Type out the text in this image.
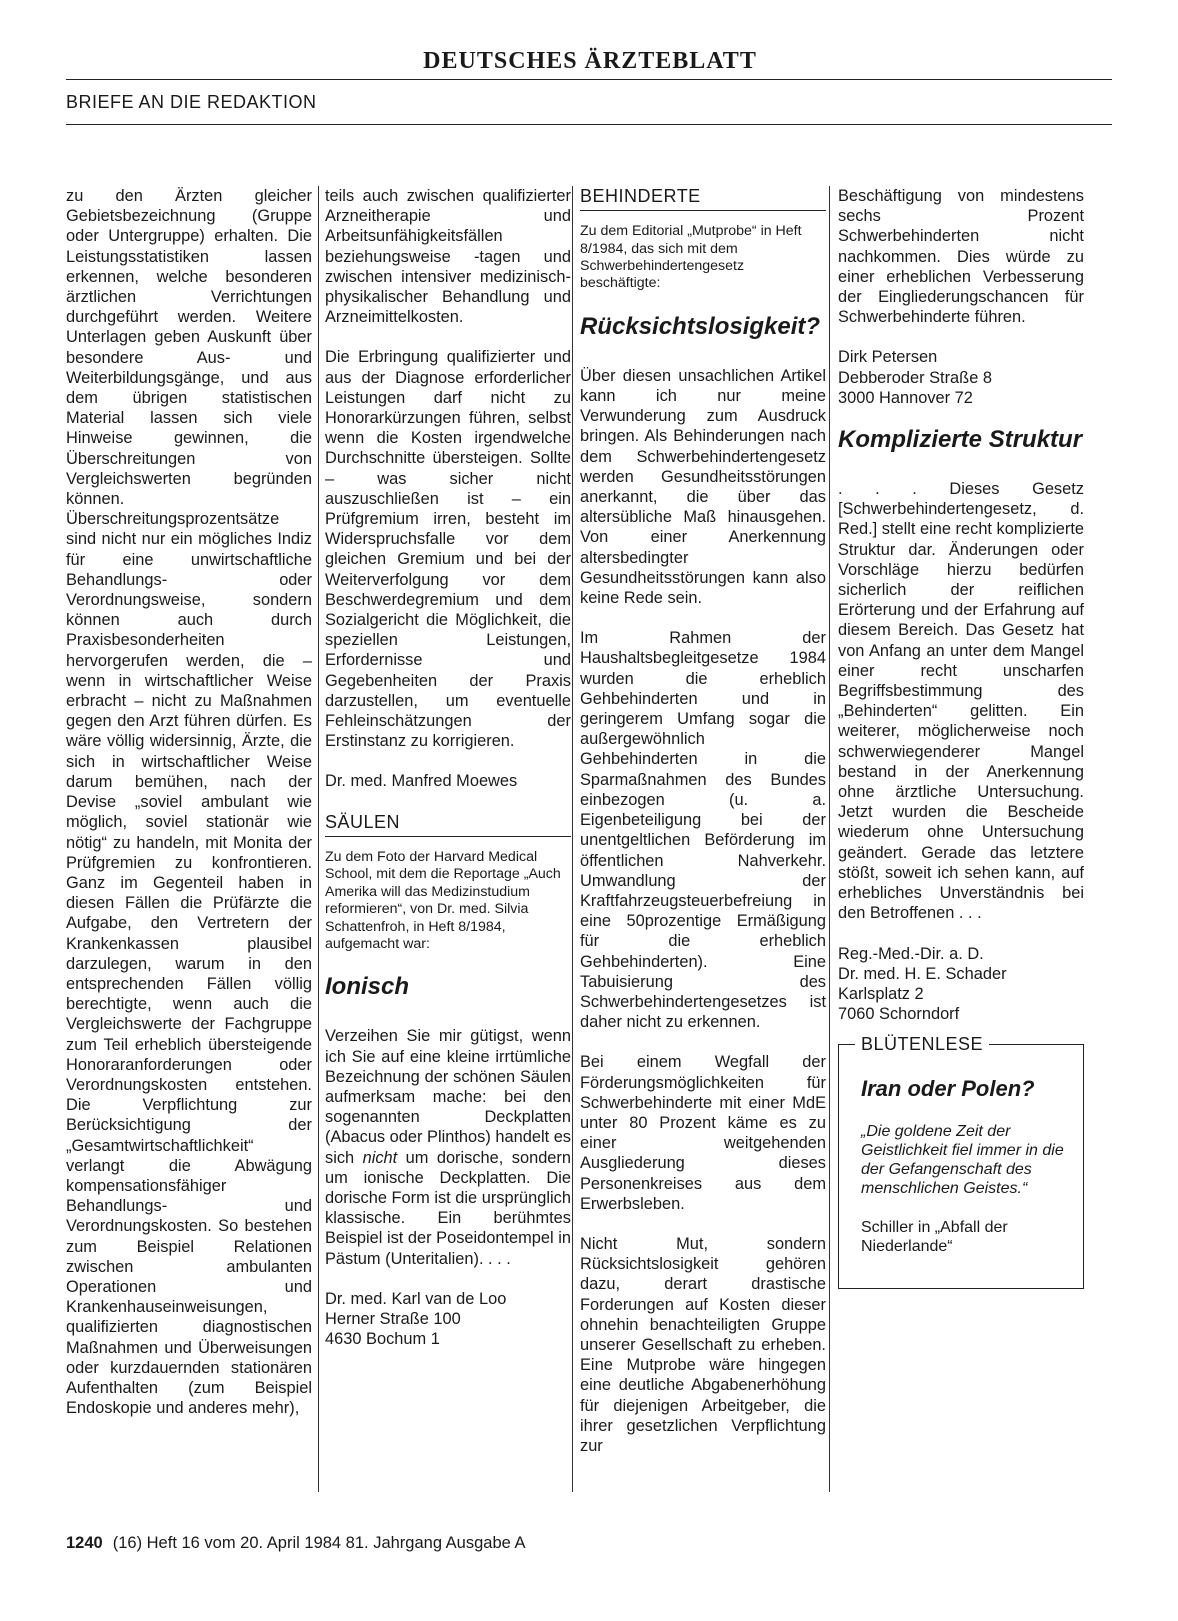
DEUTSCHES ÄRZTEBLATT
BRIEFE AN DIE REDAKTION

zu den Ärzten gleicher Gebietsbezeichnung (Gruppe oder Untergruppe) erhalten. Die Leistungsstatistiken lassen erkennen, welche besonderen ärztlichen Verrichtungen durchgeführt werden. Weitere Unterlagen geben Auskunft über besondere Aus- und Weiterbildungsgänge, und aus dem übrigen statistischen Material lassen sich viele Hinweise gewinnen, die Überschreitungen von Vergleichswerten begründen können. Überschreitungsprozentsätze sind nicht nur ein mögliches Indiz für eine unwirtschaftliche Behandlungs- oder Verordnungsweise, sondern können auch durch Praxisbesonderheiten hervorgerufen werden, die – wenn in wirtschaftlicher Weise erbracht – nicht zu Maßnahmen gegen den Arzt führen dürfen. Es wäre völlig widersinnig, Ärzte, die sich in wirtschaftlicher Weise darum bemühen, nach der Devise „soviel ambulant wie möglich, soviel stationär wie nötig“ zu handeln, mit Monita der Prüfgremien zu konfrontieren. Ganz im Gegenteil haben in diesen Fällen die Prüfärzte die Aufgabe, den Vertretern der Krankenkassen plausibel darzulegen, warum in den entsprechenden Fällen völlig berechtigte, wenn auch die Vergleichswerte der Fachgruppe zum Teil erheblich übersteigende Honoraranforderungen oder Verordnungskosten entstehen. Die Verpflichtung zur Berücksichtigung der „Gesamtwirtschaftlichkeit“ verlangt die Abwägung kompensationsfähiger Behandlungs- und Verordnungskosten. So bestehen zum Beispiel Relationen zwischen ambulanten Operationen und Krankenhauseinweisungen, qualifizierten diagnostischen Maßnahmen und Überweisungen oder kurzdauernden stationären Aufenthalten (zum Beispiel Endoskopie und anderes mehr),

teils auch zwischen qualifizierter Arzneitherapie und Arbeitsunfähigkeitsfällen beziehungsweise -tagen und zwischen intensiver medizinisch-physikalischer Behandlung und Arzneimittelkosten.

Die Erbringung qualifizierter und aus der Diagnose erforderlicher Leistungen darf nicht zu Honorarkürzungen führen, selbst wenn die Kosten irgendwelche Durchschnitte übersteigen. Sollte – was sicher nicht auszuschließen ist – ein Prüfgremium irren, besteht im Widerspruchsfalle vor dem gleichen Gremium und bei der Weiterverfolgung vor dem Beschwerdegremium und dem Sozialgericht die Möglichkeit, die speziellen Leistungen, Erfordernisse und Gegebenheiten der Praxis darzustellen, um eventuelle Fehleinschätzungen der Erstinstanz zu korrigieren.

Dr. med. Manfred Moewes

SÄULEN

Zu dem Foto der Harvard Medical School, mit dem die Reportage „Auch Amerika will das Medizinstudium reformieren“, von Dr. med. Silvia Schattenfroh, in Heft 8/1984, aufgemacht war:

Ionisch

Verzeihen Sie mir gütigst, wenn ich Sie auf eine kleine irrtümliche Bezeichnung der schönen Säulen aufmerksam mache: bei den sogenannten Deckplatten (Abacus oder Plinthos) handelt es sich nicht um dorische, sondern um ionische Deckplatten. Die dorische Form ist die ursprünglich klassische. Ein berühmtes Beispiel ist der Poseidontempel in Pästum (Unteritalien). . . .

Dr. med. Karl van de Loo
Herner Straße 100
4630 Bochum 1
BEHINDERTE

Zu dem Editorial „Mutprobe“ in Heft 8/1984, das sich mit dem Schwerbehindertengesetz beschäftigte:

Rücksichtslosigkeit?

Über diesen unsachlichen Artikel kann ich nur meine Verwunderung zum Ausdruck bringen. Als Behinderungen nach dem Schwerbehindertengesetz werden Gesundheitsstörungen anerkannt, die über das altersübliche Maß hinausgehen. Von einer Anerkennung altersbedingter Gesundheitsstörungen kann also keine Rede sein.

Im Rahmen der Haushaltsbegleitgesetze 1984 wurden die erheblich Gehbehinderten und in geringerem Umfang sogar die außergewöhnlich Gehbehinderten in die Sparmaßnahmen des Bundes einbezogen (u. a. Eigenbeteiligung bei der unentgeltlichen Beförderung im öffentlichen Nahverkehr. Umwandlung der Kraftfahrzeugsteuerbefreiung in eine 50prozentige Ermäßigung für die erheblich Gehbehinderten). Eine Tabuisierung des Schwerbehindertengesetzes ist daher nicht zu erkennen.

Bei einem Wegfall der Förderungsmöglichkeiten für Schwerbehinderte mit einer MdE unter 80 Prozent käme es zu einer weitgehenden Ausgliederung dieses Personenkreises aus dem Erwerbsleben.

Nicht Mut, sondern Rücksichtslosigkeit gehören dazu, derart drastische Forderungen auf Kosten dieser ohnehin benachteiligten Gruppe unserer Gesellschaft zu erheben. Eine Mutprobe wäre hingegen eine deutliche Abgabenerhöhung für diejenigen Arbeitgeber, die ihrer gesetzlichen Verpflichtung zur

Beschäftigung von mindestens sechs Prozent Schwerbehinderten nicht nachkommen. Dies würde zu einer erheblichen Verbesserung der Eingliederungschancen für Schwerbehinderte führen.

Dirk Petersen
Debberoder Straße 8
3000 Hannover 72
Komplizierte Struktur

. . . Dieses Gesetz [Schwerbehindertengesetz, d. Red.] stellt eine recht komplizierte Struktur dar. Änderungen oder Vorschläge hierzu bedürfen sicherlich der reiflichen Erörterung und der Erfahrung auf diesem Bereich. Das Gesetz hat von Anfang an unter dem Mangel einer recht unscharfen Begriffsbestimmung des „Behinderten“ gelitten. Ein weiterer, möglicherweise noch schwerwiegenderer Mangel bestand in der Anerkennung ohne ärztliche Untersuchung. Jetzt wurden die Bescheide wiederum ohne Untersuchung geändert. Gerade das letztere stößt, soweit ich sehen kann, auf erhebliches Unverständnis bei den Betroffenen . . .

Reg.-Med.-Dir. a. D.
Dr. med. H. E. Schader
Karlsplatz 2
7060 Schorndorf
BLÜTENLESE
Iran oder Polen?

„Die goldene Zeit der Geistlichkeit fiel immer in die der Gefangenschaft des menschlichen Geistes.“

Schiller in „Abfall der Niederlande“

1240 (16) Heft 16 vom 20. April 1984 81. Jahrgang Ausgabe A
